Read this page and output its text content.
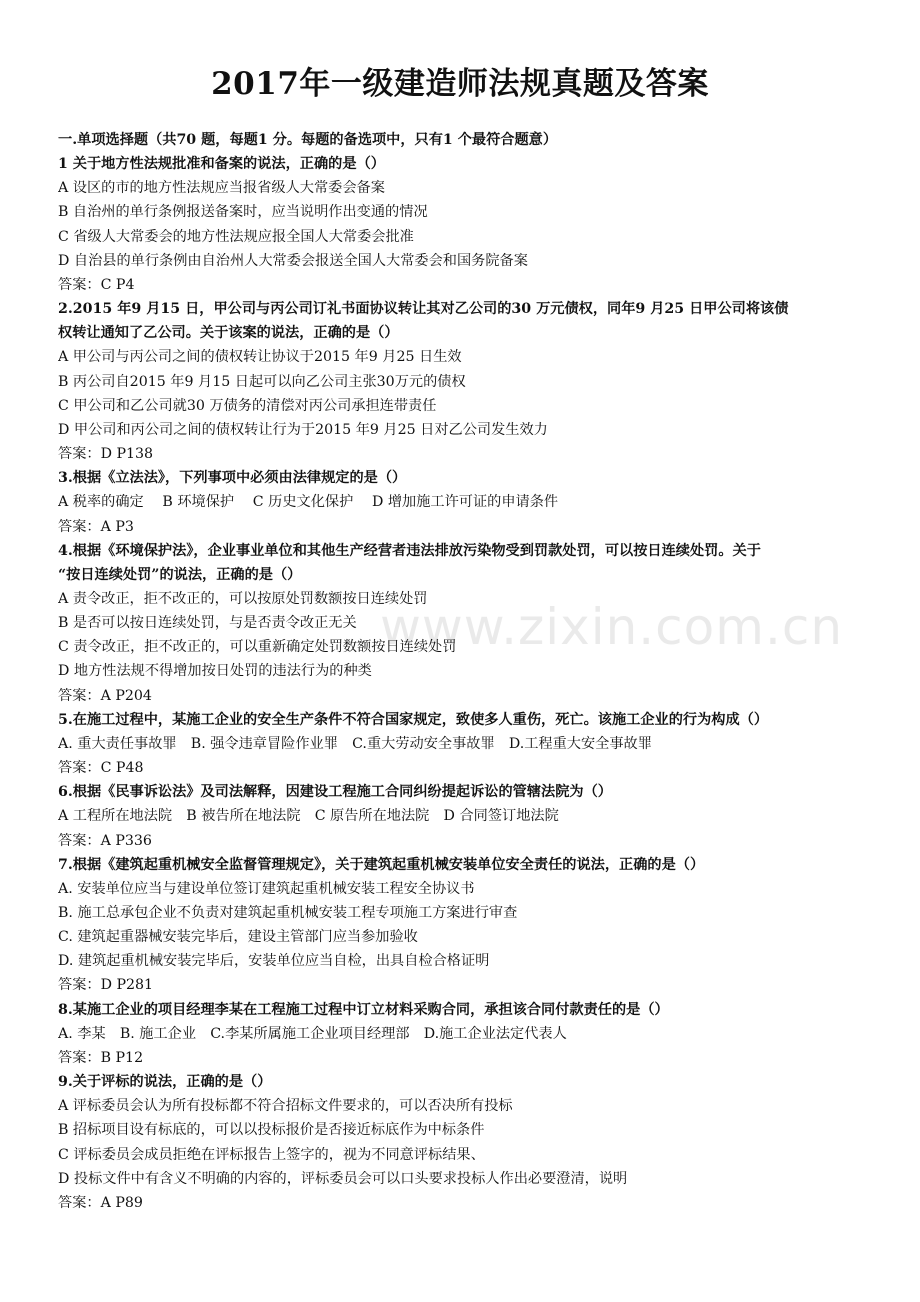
2017年一级建造师法规真题及答案
www.zixin.com.cn
一.单项选择题（共70 题，每题1 分。每题的备选项中，只有1 个最符合题意）
1 关于地方性法规批准和备案的说法，正确的是（）
A 设区的市的地方性法规应当报省级人大常委会备案
B 自治州的单行条例报送备案时，应当说明作出变通的情况
C 省级人大常委会的地方性法规应报全国人大常委会批准
D 自治县的单行条例由自治州人大常委会报送全国人大常委会和国务院备案
答案：C P4
2.2015 年9 月15 日，甲公司与丙公司订礼书面协议转让其对乙公司的30 万元债权，同年9 月25 日甲公司将该债
权转让通知了乙公司。关于该案的说法，正确的是（）
A 甲公司与丙公司之间的债权转让协议于2015 年9 月25 日生效
B 丙公司自2015 年9 月15 日起可以向乙公司主张30万元的债权
C 甲公司和乙公司就30 万债务的清偿对丙公司承担连带责任
D 甲公司和丙公司之间的债权转让行为于2015 年9 月25 日对乙公司发生效力
答案：D P138
3.根据《立法法》，下列事项中必须由法律规定的是（）
A 税率的确定　 B 环境保护　 C 历史文化保护　 D 增加施工许可证的申请条件
答案：A P3
4.根据《环境保护法》，企业事业单位和其他生产经营者违法排放污染物受到罚款处罚，可以按日连续处罚。关于
“按日连续处罚”的说法，正确的是（）
A 责令改正，拒不改正的，可以按原处罚数额按日连续处罚
B 是否可以按日连续处罚，与是否责令改正无关
C 责令改正，拒不改正的，可以重新确定处罚数额按日连续处罚
D 地方性法规不得增加按日处罚的违法行为的种类
答案：A P204
5.在施工过程中，某施工企业的安全生产条件不符合国家规定，致使多人重伤，死亡。该施工企业的行为构成（）
A. 重大责任事故罪　B. 强令违章冒险作业罪　C.重大劳动安全事故罪　D.工程重大安全事故罪
答案：C P48
6.根据《民事诉讼法》及司法解释，因建设工程施工合同纠纷提起诉讼的管辖法院为（）
A 工程所在地法院　B 被告所在地法院　C 原告所在地法院　D 合同签订地法院
答案：A P336
7.根据《建筑起重机械安全监督管理规定》，关于建筑起重机械安装单位安全责任的说法，正确的是（）
A. 安装单位应当与建设单位签订建筑起重机械安装工程安全协议书
B. 施工总承包企业不负责对建筑起重机械安装工程专项施工方案进行审查
C. 建筑起重器械安装完毕后，建设主管部门应当参加验收
D. 建筑起重机械安装完毕后，安装单位应当自检，出具自检合格证明
答案：D P281
8.某施工企业的项目经理李某在工程施工过程中订立材料采购合同，承担该合同付款责任的是（）
A. 李某　B. 施工企业　C.李某所属施工企业项目经理部　D.施工企业法定代表人
答案：B P12
9.关于评标的说法，正确的是（）
A 评标委员会认为所有投标都不符合招标文件要求的，可以否决所有投标
B 招标项目设有标底的，可以以投标报价是否接近标底作为中标条件
C 评标委员会成员拒绝在评标报告上签字的，视为不同意评标结果、
D 投标文件中有含义不明确的内容的，评标委员会可以口头要求投标人作出必要澄清，说明
答案：A P89
